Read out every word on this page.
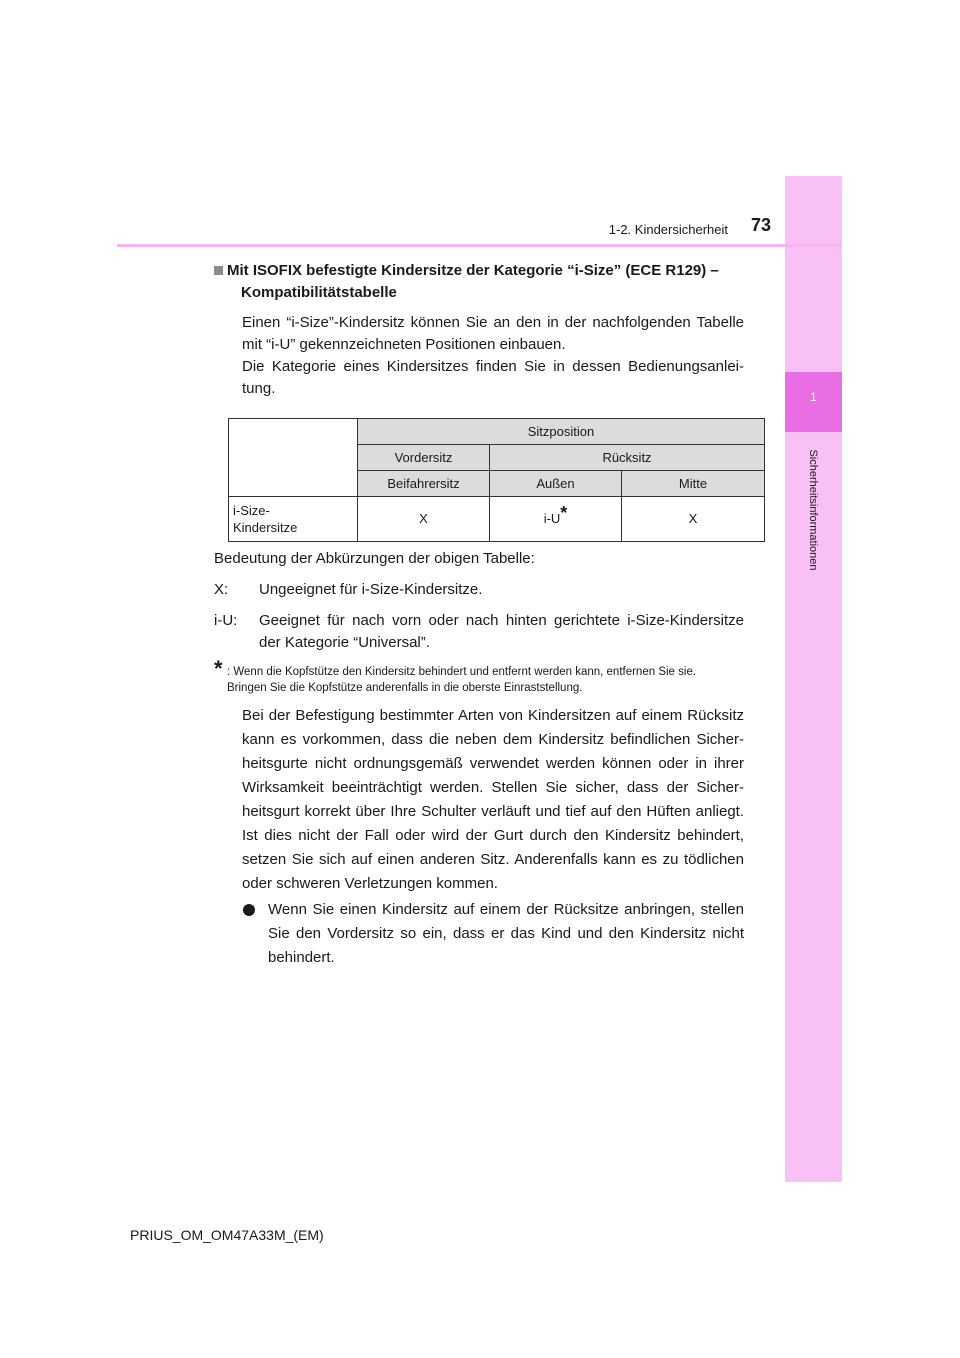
1
Sicherheitsinformationen
1-2. Kindersicherheit 73
Mit ISOFIX befestigte Kindersitze der Kategorie “i-Size” (ECE R129) –
Kompatibilitätstabelle
Einen “i-Size”-Kindersitz können Sie an den in der nachfolgenden Tabelle mit “i-U” gekennzeichneten Positionen einbauen.
Die Kategorie eines Kindersitzes finden Sie in dessen Bedienungsanlei-tung.
	Sitzposition		
	Vordersitz	Rücksitz	
	Beifahrersitz	Außen	Mitte
i-Size-
Kindersitze	X	i-U*	X
Bedeutung der Abkürzungen der obigen Tabelle:
X: Ungeeignet für i-Size-Kindersitze.
i-U: Geeignet für nach vorn oder nach hinten gerichtete i-Size-Kindersitze der Kategorie “Universal”.
* : Wenn die Kopfstütze den Kindersitz behindert und entfernt werden kann, entfernen Sie sie.
Bringen Sie die Kopfstütze anderenfalls in die oberste Einraststellung.
Bei der Befestigung bestimmter Arten von Kindersitzen auf einem Rücksitz kann es vorkommen, dass die neben dem Kindersitz befindlichen Sicher-heitsgurte nicht ordnungsgemäß verwendet werden können oder in ihrer Wirksamkeit beeinträchtigt werden. Stellen Sie sicher, dass der Sicher-heitsgurt korrekt über Ihre Schulter verläuft und tief auf den Hüften anliegt. Ist dies nicht der Fall oder wird der Gurt durch den Kindersitz behindert, setzen Sie sich auf einen anderen Sitz. Anderenfalls kann es zu tödlichen oder schweren Verletzungen kommen.
Wenn Sie einen Kindersitz auf einem der Rücksitze anbringen, stellen Sie den Vordersitz so ein, dass er das Kind und den Kindersitz nicht behindert.
PRIUS_OM_OM47A33M_(EM)
